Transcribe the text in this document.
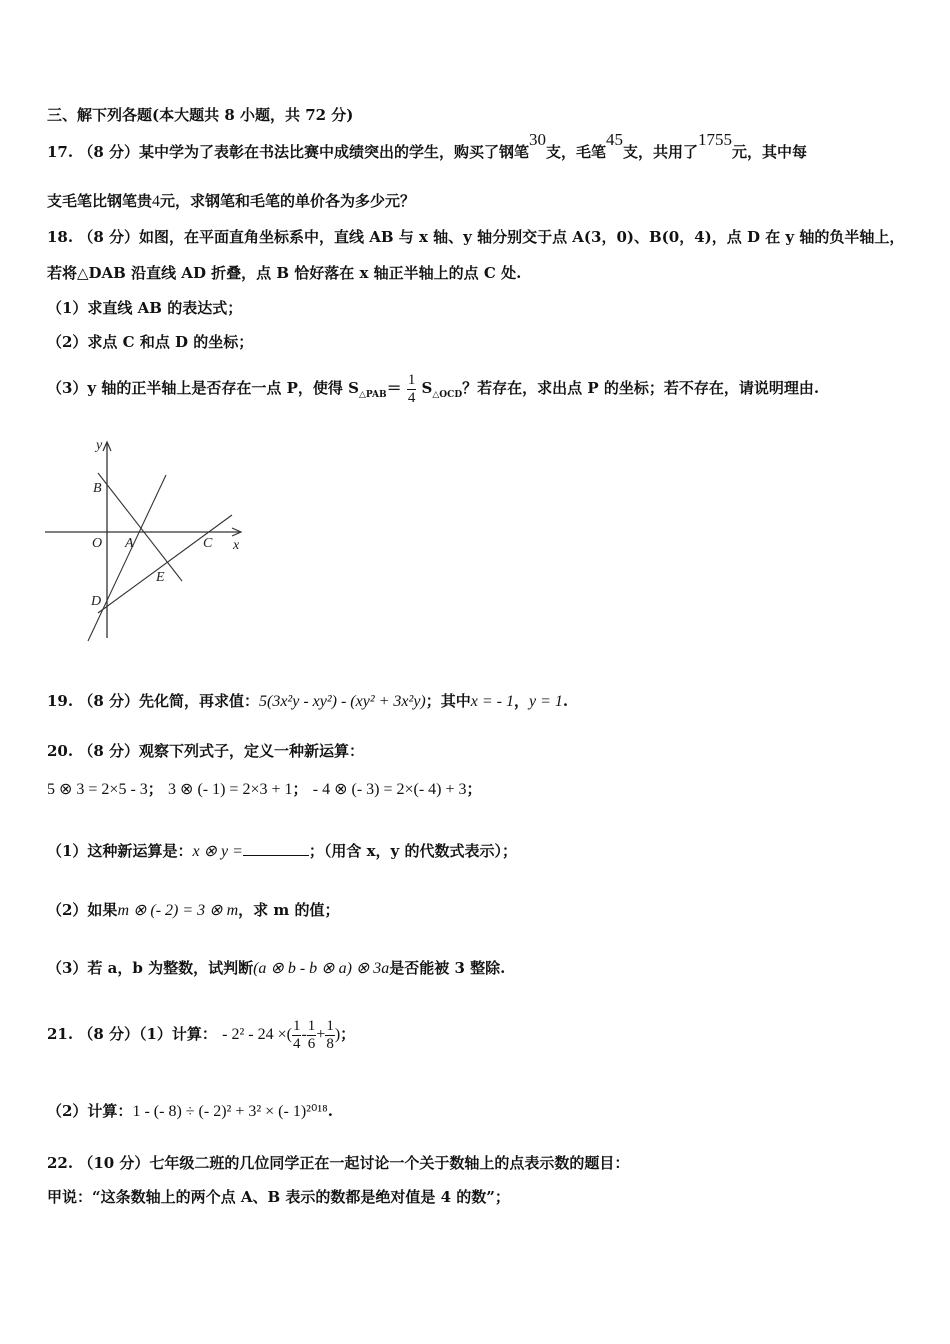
三、解下列各题(本大题共 8 小题，共 72 分)
17. （8 分）某中学为了表彰在书法比赛中成绩突出的学生，购买了钢笔30支，毛笔45支，共用了1755元，其中每
支毛笔比钢笔贵4元，求钢笔和毛笔的单价各为多少元？
18. （8 分）如图，在平面直角坐标系中，直线 AB 与 x 轴、y 轴分别交于点 A(3，0)、B(0，4)，点 D 在 y 轴的负半轴上，
若将△DAB 沿直线 AD 折叠，点 B 恰好落在 x 轴正半轴上的点 C 处.
（1）求直线 AB 的表达式；
（2）求点 C 和点 D 的坐标；
（3）y 轴的正半轴上是否存在一点 P，使得 $S_{\triangle PAB}= \frac{1}{4} S_{\triangle OCD}$？若存在，求出点 P 的坐标；若不存在，请说明理由.
y
B
O A	C x
E
D
19. （8 分）先化简，再求值：5(3x²y - xy²) - (xy² + 3x²y)；其中x = - 1，y = 1.
20. （8 分）观察下列式子，定义一种新运算：
5 ⊗ 3 = 2×5 - 3； 3 ⊗ (- 1) = 2×3 + 1； - 4 ⊗ (- 3) = 2×(- 4) + 3；
（1）这种新运算是：x ⊗ y =	；（用含 x，y 的代数式表示）；
（2）如果m ⊗ (- 2) = 3 ⊗ m，求 m 的值；
（3）若 a，b 为整数，试判断(a ⊗ b - b ⊗ a) ⊗ 3a是否能被 3 整除.
21. （8 分）（1）计算： - 2² - 24 ×( $\frac{1}{4} - \frac{1}{6} + \frac{1}{8}$ )；
（2）计算：1 - (- 8) ÷ (- 2)² + 3² × (- 1)²⁰¹⁸.
22. （10 分）七年级二班的几位同学正在一起讨论一个关于数轴上的点表示数的题目：
甲说：“这条数轴上的两个点 A、B 表示的数都是绝对值是 4 的数”；
